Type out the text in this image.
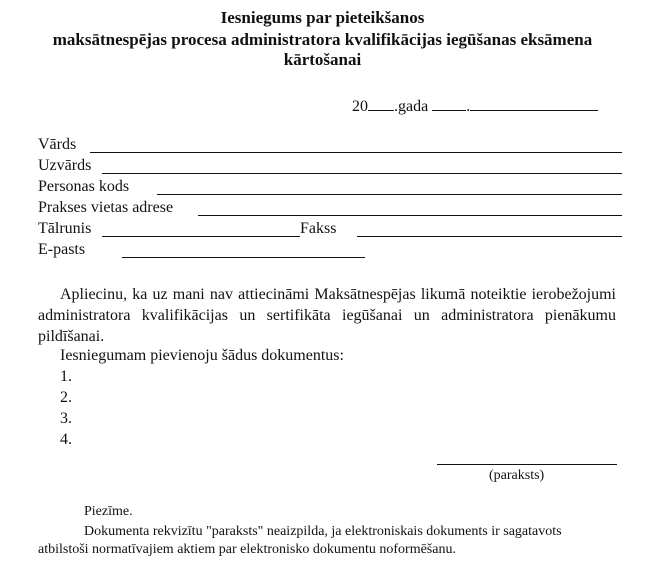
Iesniegums par pieteikšanos
maksātnespējas procesa administratora kvalifikācijas iegūšanas eksāmena
kārtošanai
20 .gada .
Vārds
Uzvārds
Personas kods
Prakses vietas adrese
Tālrunis	Fakss
E-pasts
Apliecinu, ka uz mani nav attiecināmi Maksātnespējas likumā noteiktie ierobežojumi administratora kvalifikācijas un sertifikāta iegūšanai un administratora pienākumu pildīšanai.
Iesniegumam pievienoju šādus dokumentus:
1.
2.
3.
4.
(paraksts)
Piezīme.
Dokumenta rekvizītu "paraksts" neaizpilda, ja elektroniskais dokuments ir sagatavots
atbilstoši normatīvajiem aktiem par elektronisko dokumentu noformēšanu.
